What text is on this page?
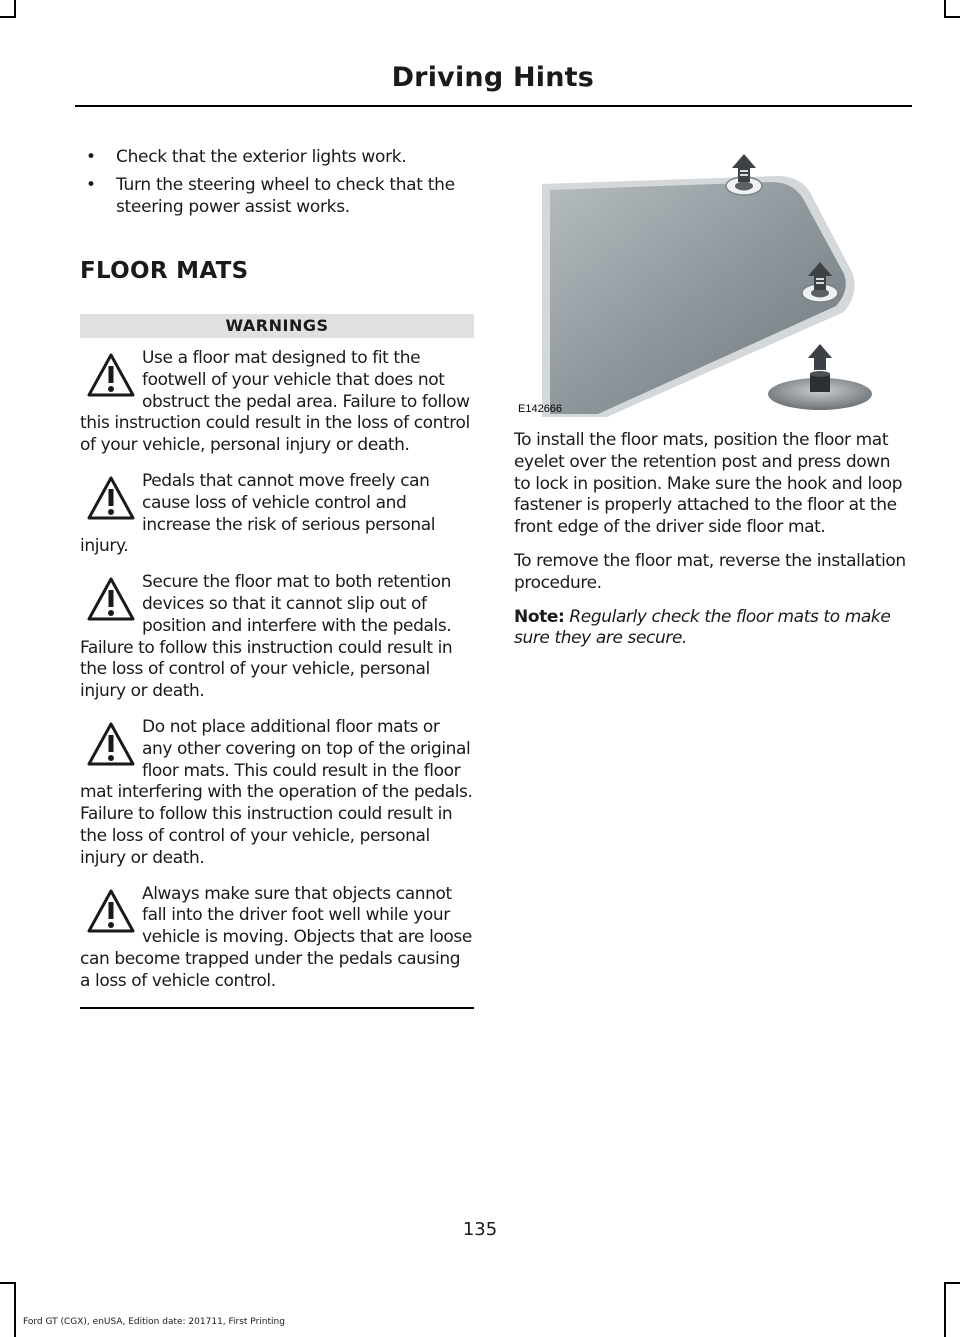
Driving Hints
• Check that the exterior lights work.
• Turn the steering wheel to check that the steering power assist works.
FLOOR MATS
WARNINGS
Use a floor mat designed to fit the footwell of your vehicle that does not obstruct the pedal area. Failure to follow this instruction could result in the loss of control of your vehicle, personal injury or death.
Pedals that cannot move freely can cause loss of vehicle control and increase the risk of serious personal injury.
Secure the floor mat to both retention devices so that it cannot slip out of position and interfere with the pedals. Failure to follow this instruction could result in the loss of control of your vehicle, personal injury or death.
Do not place additional floor mats or any other covering on top of the original floor mats. This could result in the floor mat interfering with the operation of the pedals. Failure to follow this instruction could result in the loss of control of your vehicle, personal injury or death.
Always make sure that objects cannot fall into the driver foot well while your vehicle is moving. Objects that are loose can become trapped under the pedals causing a loss of vehicle control.
E142666

To install the floor mats, position the floor mat eyelet over the retention post and press down to lock in position. Make sure the hook and loop fastener is properly attached to the floor at the front edge of the driver side floor mat.

To remove the floor mat, reverse the installation procedure.

Note: Regularly check the floor mats to make sure they are secure.

135
Ford GT (CGX), enUSA, Edition date: 201711, First Printing
